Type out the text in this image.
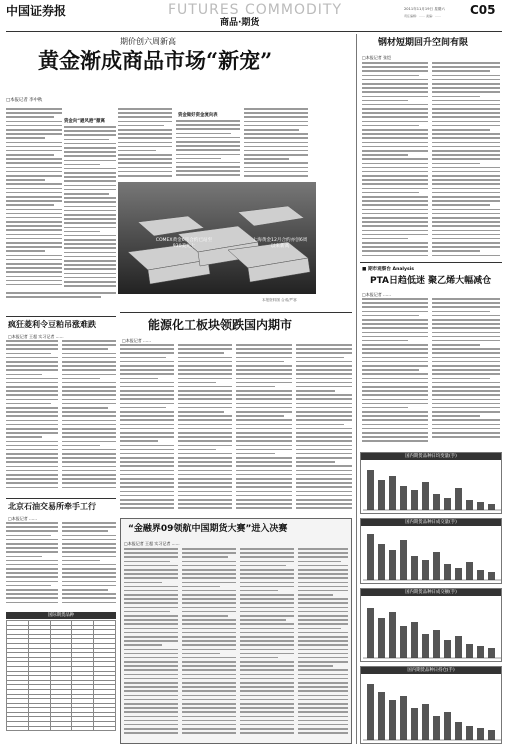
中国证券报	FUTURES COMMODITY
商品·期货
2011年11月19日 星期六 C05
责任编辑：…… 美编：……
期价创六周新高
黄金渐成商品市场“新宠”
□本报记者 李中秋
资金向“避风港”撤离
资金做好资金流向表
COMEX黄金6月合约已站至930美元上
上海黄金12月合约亦创6周以来新高
本报资料图 合成/严寒
钢材短期回升空间有限
□本报记者 张恺
■ 期市观察台 Analysis
PTA日趋低迷 聚乙烯大幅减仓
□本报记者 ……
国内期货品种日均变量(手)
国内期货品种日成交量(手)
国内期货品种日成交额(手)
国内期货品种日持仓(手)
疯狂菱利令豆粕吊涨难跌
□本报记者 王超 实习记者 ……
北京石油交易所牵手工行
□本报记者 ……
国际期货品种

能源化工板块领跌国内期市
□本报记者 ……
“金融界09领航中国期货大赛”进入决赛
□本报记者 王超 实习记者 ……
